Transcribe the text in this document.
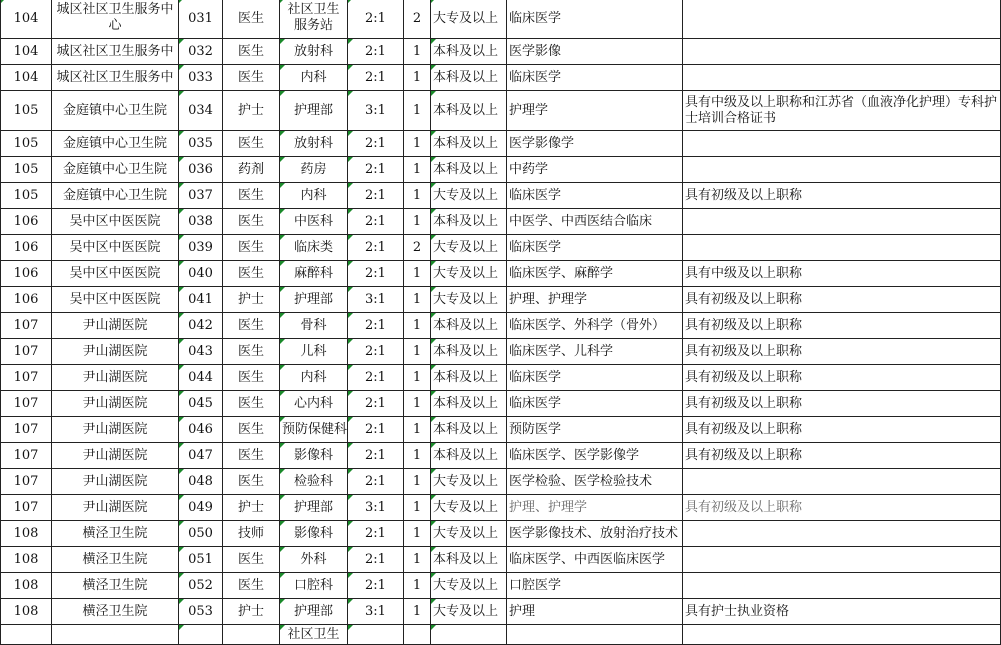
104	城区社区卫生服务中心	031	医生	社区卫生服务站	2:1	2	大专及以上	临床医学	
104	城区社区卫生服务中	032	医生	放射科	2:1	1	本科及以上	医学影像	
104	城区社区卫生服务中	033	医生	内科	2:1	1	本科及以上	临床医学	
105	金庭镇中心卫生院	034	护士	护理部	3:1	1	本科及以上	护理学	具有中级及以上职称和江苏省（血液净化护理）专科护士培训合格证书
105	金庭镇中心卫生院	035	医生	放射科	2:1	1	本科及以上	医学影像学	
105	金庭镇中心卫生院	036	药剂	药房	2:1	1	本科及以上	中药学	
105	金庭镇中心卫生院	037	医生	内科	2:1	1	大专及以上	临床医学	具有初级及以上职称
106	吴中区中医医院	038	医生	中医科	2:1	1	本科及以上	中医学、中西医结合临床	
106	吴中区中医医院	039	医生	临床类	2:1	2	大专及以上	临床医学	
106	吴中区中医医院	040	医生	麻醉科	2:1	1	大专及以上	临床医学、麻醉学	具有中级及以上职称
106	吴中区中医医院	041	护士	护理部	3:1	1	大专及以上	护理、护理学	具有初级及以上职称
107	尹山湖医院	042	医生	骨科	2:1	1	本科及以上	临床医学、外科学（骨外）	具有初级及以上职称
107	尹山湖医院	043	医生	儿科	2:1	1	本科及以上	临床医学、儿科学	具有初级及以上职称
107	尹山湖医院	044	医生	内科	2:1	1	本科及以上	临床医学	具有初级及以上职称
107	尹山湖医院	045	医生	心内科	2:1	1	本科及以上	临床医学	具有初级及以上职称
107	尹山湖医院	046	医生	预防保健科	2:1	1	本科及以上	预防医学	具有初级及以上职称
107	尹山湖医院	047	医生	影像科	2:1	1	本科及以上	临床医学、医学影像学	具有初级及以上职称
107	尹山湖医院	048	医生	检验科	2:1	1	大专及以上	医学检验、医学检验技术	
107	尹山湖医院	049	护士	护理部	3:1	1	大专及以上	护理、护理学	具有初级及以上职称
108	横泾卫生院	050	技师	影像科	2:1	1	大专及以上	医学影像技术、放射治疗技术	
108	横泾卫生院	051	医生	外科	2:1	1	本科及以上	临床医学、中西医临床医学	
108	横泾卫生院	052	医生	口腔科	2:1	1	大专及以上	口腔医学	
108	横泾卫生院	053	护士	护理部	3:1	1	大专及以上	护理	具有护士执业资格
				社区卫生					
